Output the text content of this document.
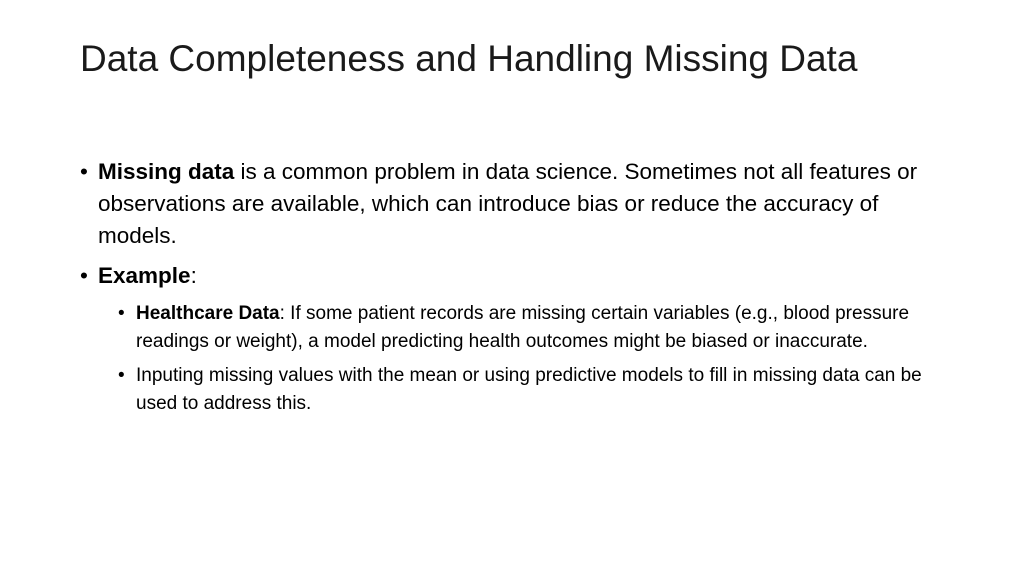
Data Completeness and Handling Missing Data
• Missing data is a common problem in data science. Sometimes not all features or observations are available, which can introduce bias or reduce the accuracy of models.
• Example:
• Healthcare Data: If some patient records are missing certain variables (e.g., blood pressure readings or weight), a model predicting health outcomes might be biased or inaccurate.
• Inputing missing values with the mean or using predictive models to fill in missing data can be used to address this.
